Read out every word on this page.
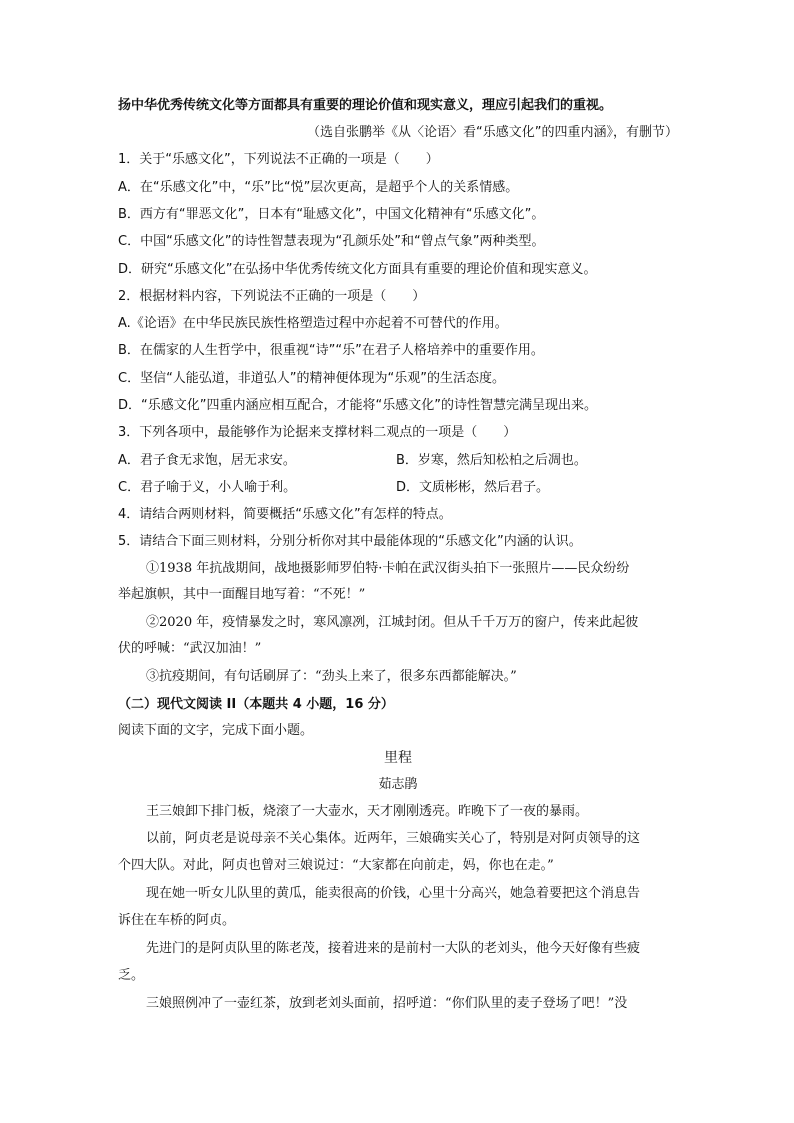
扬中华优秀传统文化等方面都具有重要的理论价值和现实意义，理应引起我们的重视。
（选自张鹏举《从〈论语〉看“乐感文化”的四重内涵》，有删节）
1．关于“乐感文化”，下列说法不正确的一项是（　　）
A．在“乐感文化”中，“乐”比“悦”层次更高，是超乎个人的关系情感。
B．西方有“罪恶文化”，日本有“耻感文化”，中国文化精神有“乐感文化”。
C．中国“乐感文化”的诗性智慧表现为“孔颜乐处”和“曾点气象”两种类型。
D．研究“乐感文化”在弘扬中华优秀传统文化方面具有重要的理论价值和现实意义。
2．根据材料内容，下列说法不正确的一项是（　　）
A.《论语》在中华民族民族性格塑造过程中亦起着不可替代的作用。
B．在儒家的人生哲学中，很重视“诗”“乐”在君子人格培养中的重要作用。
C．坚信“人能弘道，非道弘人”的精神便体现为“乐观”的生活态度。
D．“乐感文化”四重内涵应相互配合，才能将“乐感文化”的诗性智慧完满呈现出来。
3．下列各项中，最能够作为论据来支撑材料二观点的一项是（　　）
A．君子食无求饱，居无求安。	B．岁寒，然后知松柏之后凋也。
C．君子喻于义，小人喻于利。	D．文质彬彬，然后君子。
4．请结合两则材料，简要概括“乐感文化”有怎样的特点。
5．请结合下面三则材料，分别分析你对其中最能体现的“乐感文化”内涵的认识。
①1938 年抗战期间，战地摄影师罗伯特·卡帕在武汉街头拍下一张照片——民众纷纷
举起旗帜，其中一面醒目地写着：“不死！”
②2020 年，疫情暴发之时，寒风凛冽，江城封闭。但从千千万万的窗户，传来此起彼
伏的呼喊：“武汉加油！”
③抗疫期间，有句话刷屏了：“劲头上来了，很多东西都能解决。”
（二）现代文阅读 II（本题共 4 小题，16 分）
阅读下面的文字，完成下面小题。
里程
茹志鹃
王三娘卸下排门板，烧滚了一大壶水，天才刚刚透亮。昨晚下了一夜的暴雨。
以前，阿贞老是说母亲不关心集体。近两年，三娘确实关心了，特别是对阿贞领导的这
个四大队。对此，阿贞也曾对三娘说过：“大家都在向前走，妈，你也在走。”
现在她一听女儿队里的黄瓜，能卖很高的价钱，心里十分高兴，她急着要把这个消息告
诉住在车桥的阿贞。
先进门的是阿贞队里的陈老茂，接着进来的是前村一大队的老刘头，他今天好像有些疲
乏。
三娘照例冲了一壶红茶，放到老刘头面前，招呼道：“你们队里的麦子登场了吧！”没
